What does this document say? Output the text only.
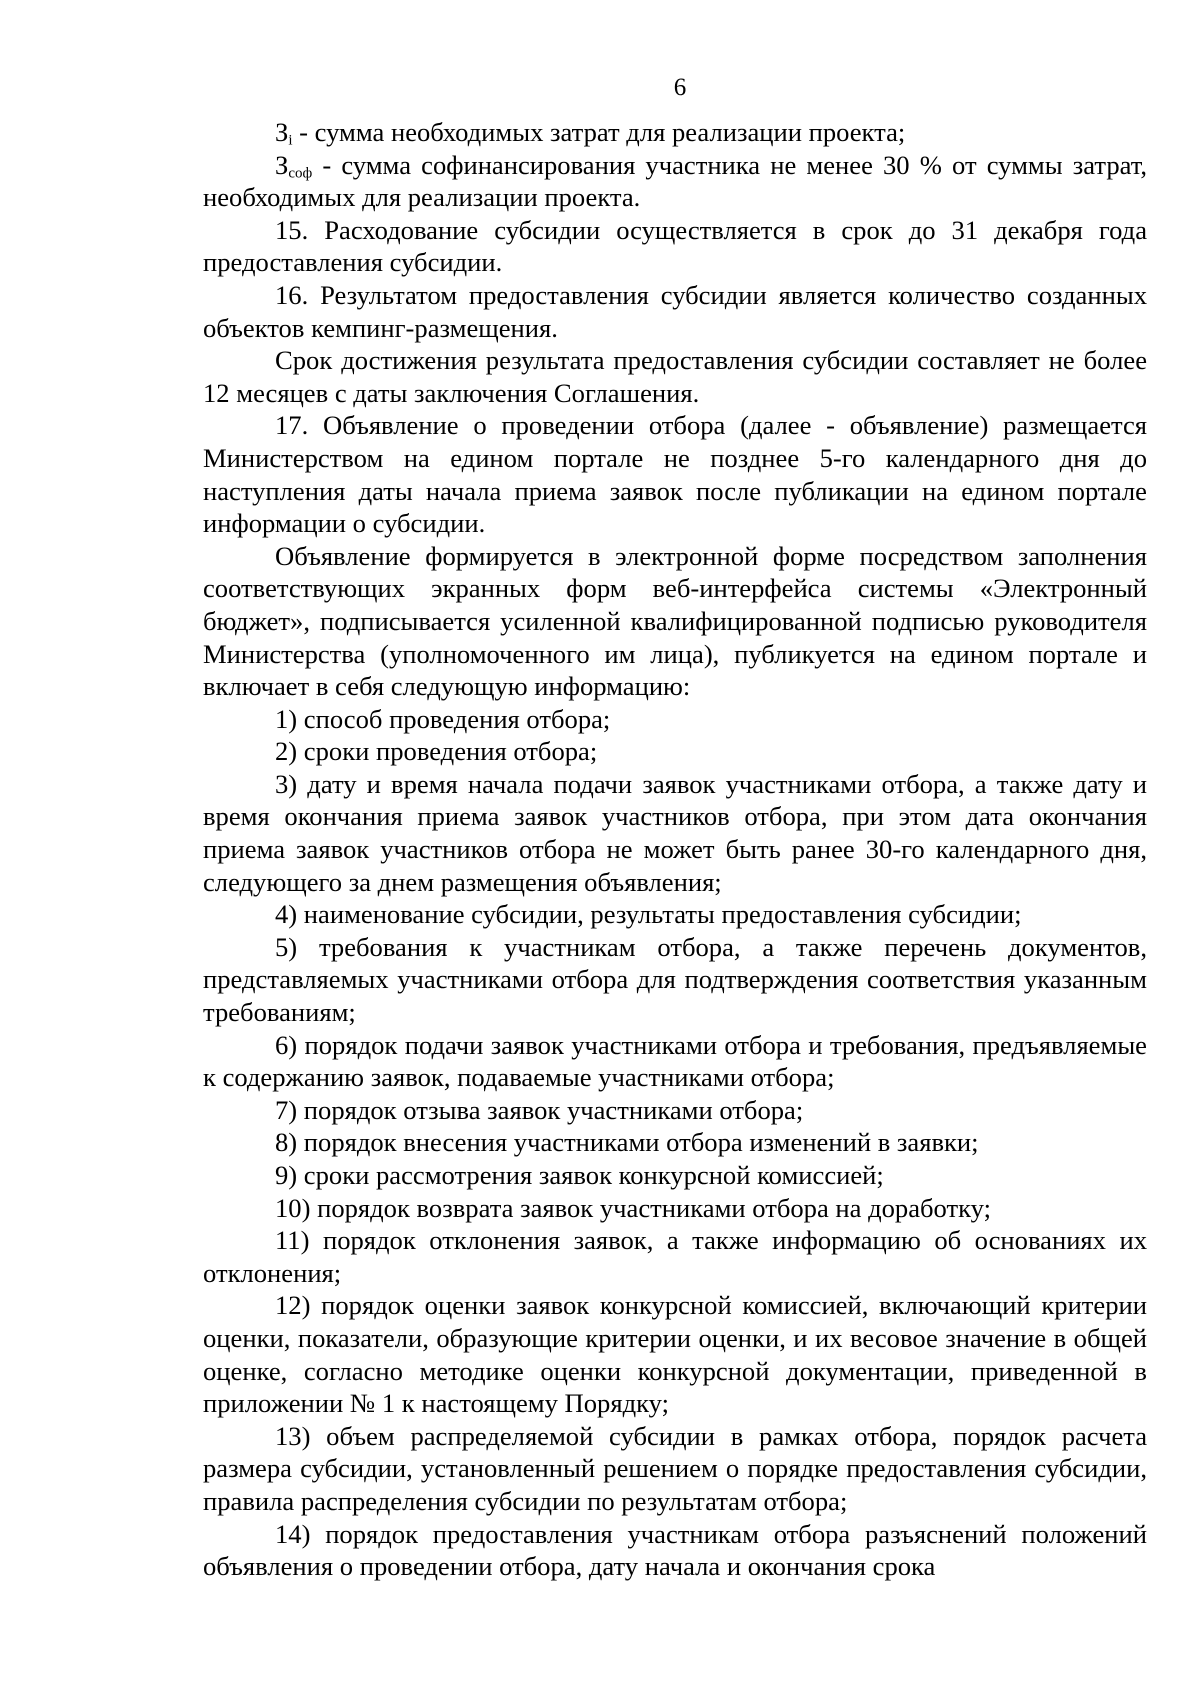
6

$З_i$ - сумма необходимых затрат для реализации проекта;

$З_{соф}$ - сумма софинансирования участника не менее 30 % от суммы затрат, необходимых для реализации проекта.

15. Расходование субсидии осуществляется в срок до 31 декабря года предоставления субсидии.

16. Результатом предоставления субсидии является количество созданных объектов кемпинг-размещения.

Срок достижения результата предоставления субсидии составляет не более 12 месяцев с даты заключения Соглашения.

17. Объявление о проведении отбора (далее - объявление) размещается Министерством на едином портале не позднее 5-го календарного дня до наступления даты начала приема заявок после публикации на едином портале информации о субсидии.

Объявление формируется в электронной форме посредством заполнения соответствующих экранных форм веб-интерфейса системы «Электронный бюджет», подписывается усиленной квалифицированной подписью руководителя Министерства (уполномоченного им лица), публикуется на едином портале и включает в себя следующую информацию:

1) способ проведения отбора;

2) сроки проведения отбора;

3) дату и время начала подачи заявок участниками отбора, а также дату и время окончания приема заявок участников отбора, при этом дата окончания приема заявок участников отбора не может быть ранее 30-го календарного дня, следующего за днем размещения объявления;

4) наименование субсидии, результаты предоставления субсидии;

5) требования к участникам отбора, а также перечень документов, представляемых участниками отбора для подтверждения соответствия указанным требованиям;

6) порядок подачи заявок участниками отбора и требования, предъявляемые к содержанию заявок, подаваемые участниками отбора;

7) порядок отзыва заявок участниками отбора;

8) порядок внесения участниками отбора изменений в заявки;

9) сроки рассмотрения заявок конкурсной комиссией;

10) порядок возврата заявок участниками отбора на доработку;

11) порядок отклонения заявок, а также информацию об основаниях их отклонения;

12) порядок оценки заявок конкурсной комиссией, включающий критерии оценки, показатели, образующие критерии оценки, и их весовое значение в общей оценке, согласно методике оценки конкурсной документации, приведенной в приложении № 1 к настоящему Порядку;

13) объем распределяемой субсидии в рамках отбора, порядок расчета размера субсидии, установленный решением о порядке предоставления субсидии, правила распределения субсидии по результатам отбора;

14) порядок предоставления участникам отбора разъяснений положений объявления о проведении отбора, дату начала и окончания срока
